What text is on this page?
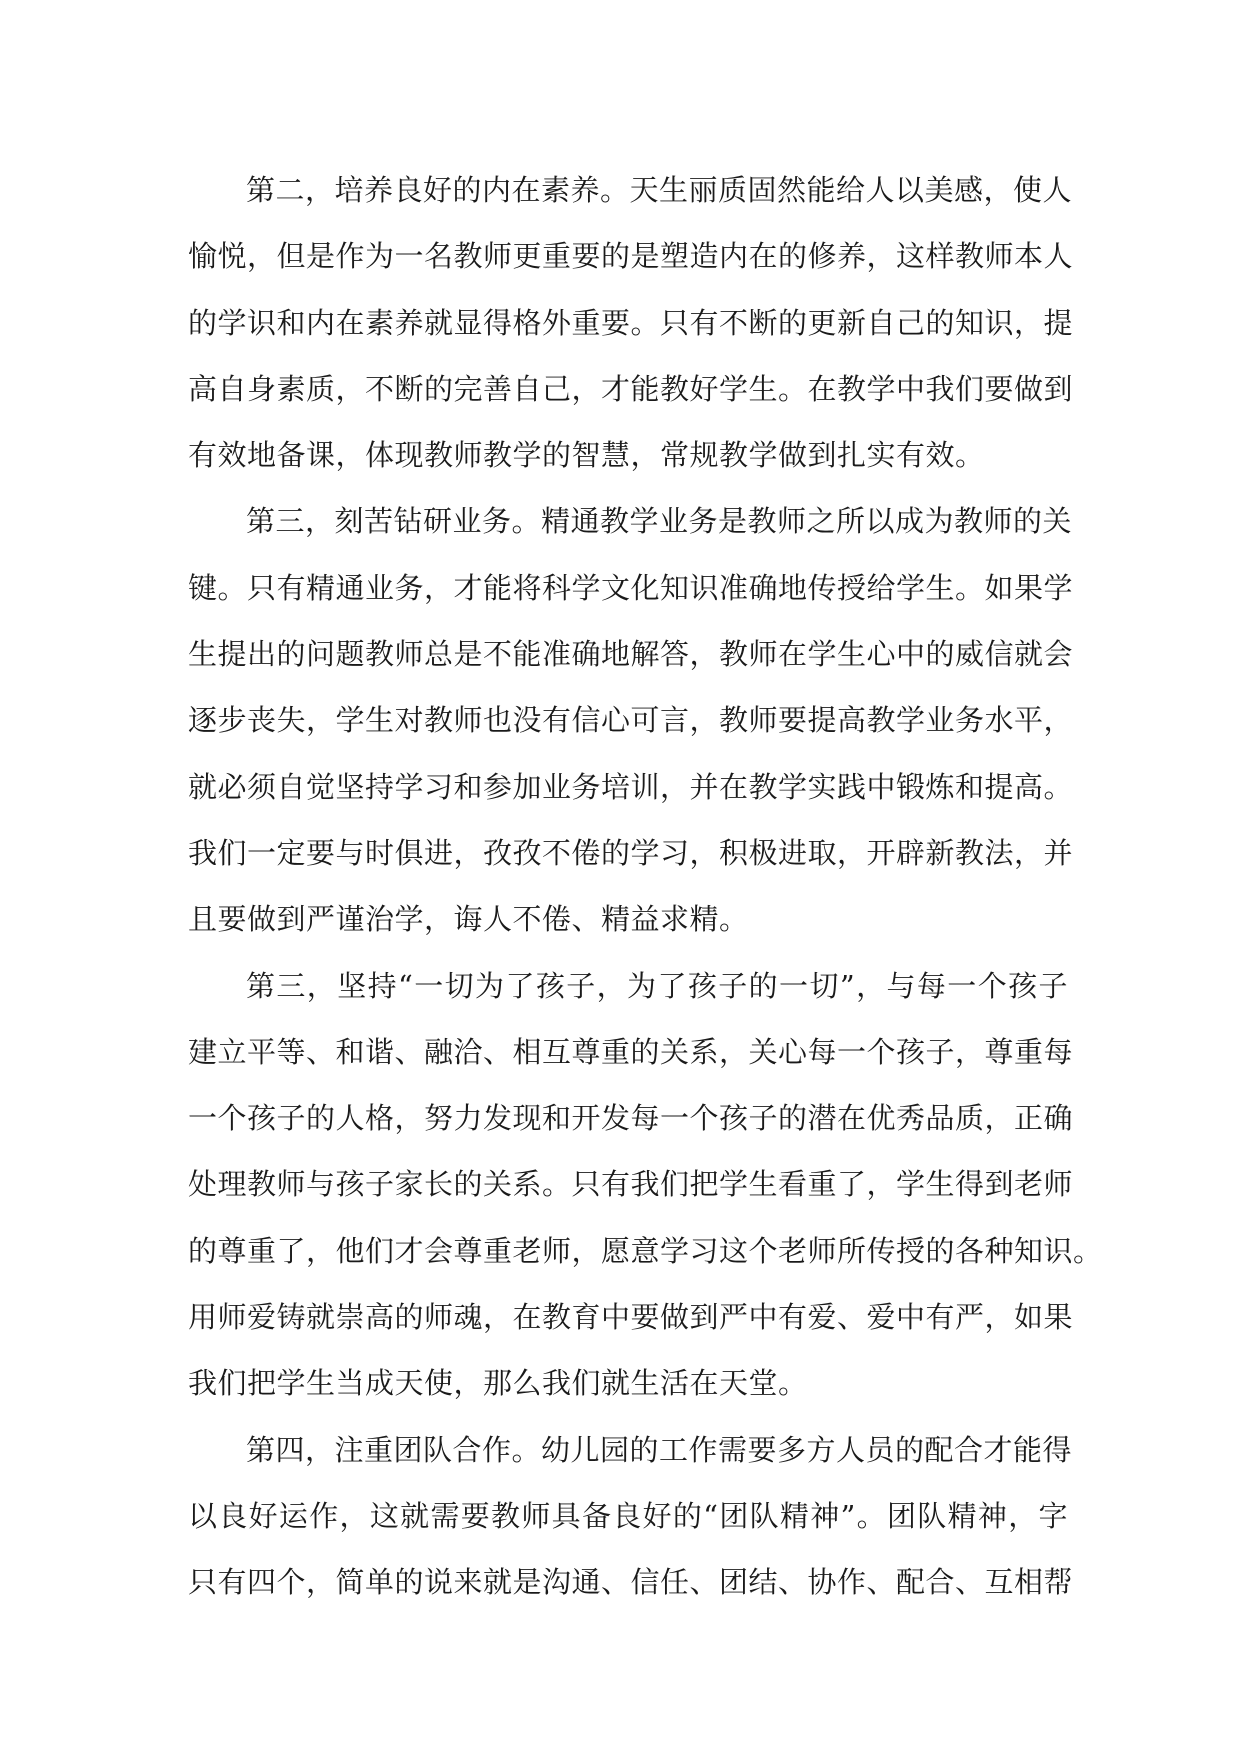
第二，培养良好的内在素养。天生丽质固然能给人以美感，使人
愉悦，但是作为一名教师更重要的是塑造内在的修养，这样教师本人
的学识和内在素养就显得格外重要。只有不断的更新自己的知识，提
高自身素质，不断的完善自己，才能教好学生。在教学中我们要做到
有效地备课，体现教师教学的智慧，常规教学做到扎实有效。
第三，刻苦钻研业务。精通教学业务是教师之所以成为教师的关
键。只有精通业务，才能将科学文化知识准确地传授给学生。如果学
生提出的问题教师总是不能准确地解答，教师在学生心中的威信就会
逐步丧失，学生对教师也没有信心可言，教师要提高教学业务水平，
就必须自觉坚持学习和参加业务培训，并在教学实践中锻炼和提高。
我们一定要与时俱进，孜孜不倦的学习，积极进取，开辟新教法，并
且要做到严谨治学，诲人不倦、精益求精。
第三，坚持“一切为了孩子，为了孩子的一切”，与每一个孩子
建立平等、和谐、融洽、相互尊重的关系，关心每一个孩子，尊重每
一个孩子的人格，努力发现和开发每一个孩子的潜在优秀品质，正确
处理教师与孩子家长的关系。只有我们把学生看重了，学生得到老师
的尊重了，他们才会尊重老师，愿意学习这个老师所传授的各种知识。
用师爱铸就崇高的师魂，在教育中要做到严中有爱、爱中有严，如果
我们把学生当成天使，那么我们就生活在天堂。
第四，注重团队合作。幼儿园的工作需要多方人员的配合才能得
以良好运作，这就需要教师具备良好的“团队精神”。团队精神，字
只有四个，简单的说来就是沟通、信任、团结、协作、配合、互相帮
